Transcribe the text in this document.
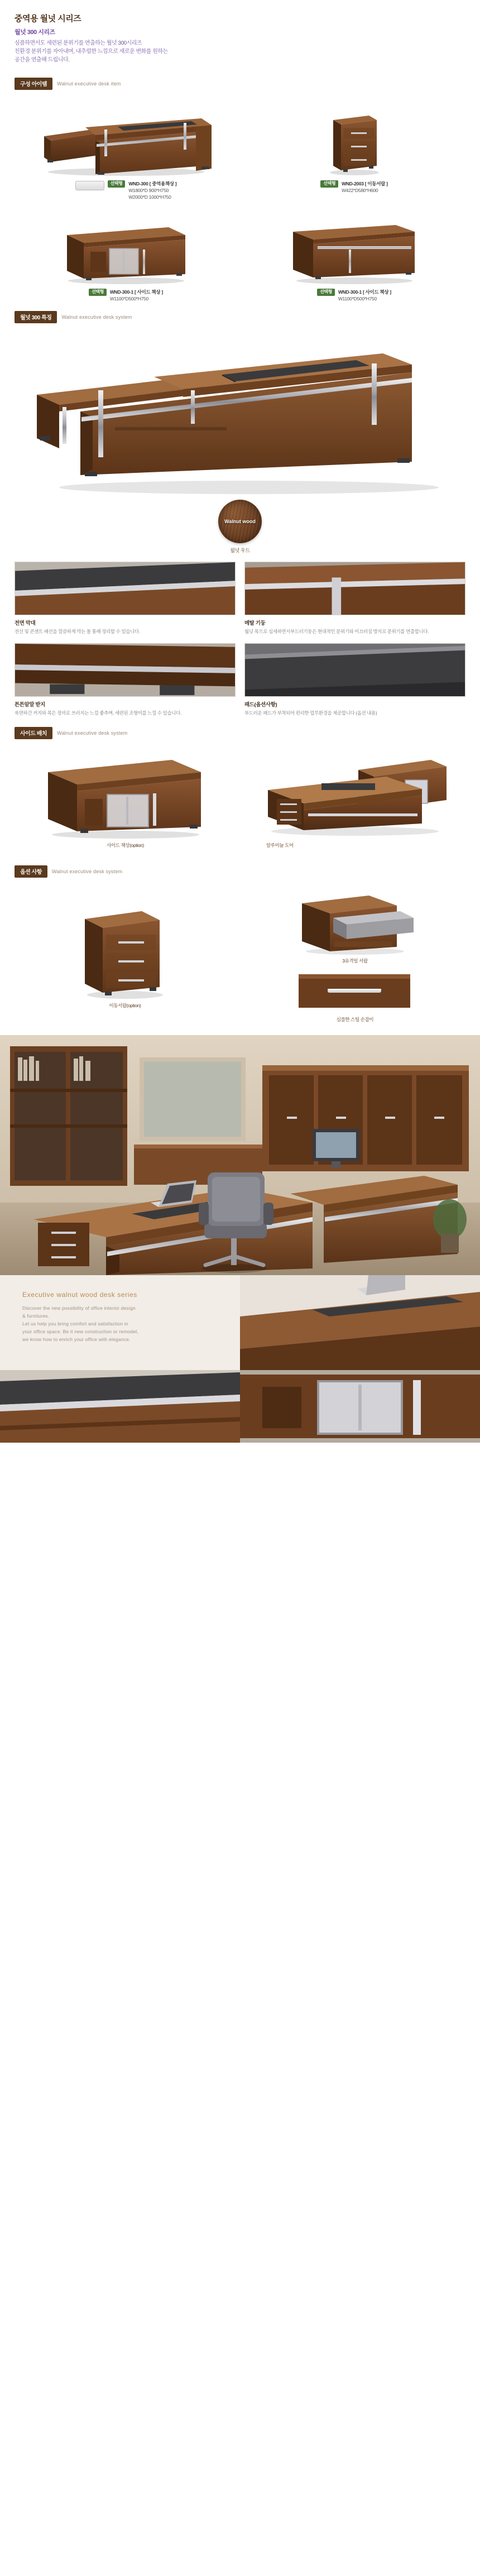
중역용 월넛 시리즈
월넛 300 시리즈
심플하면서도 세련된 분위기를 연출하는 월넛 300시리즈
친환경 분위기를 자아내며, 내추럴한 느낌으로 새로운 변화를 원하는
공간을 연출해 드립니다.
구성 아이템	Walnut executive desk item
선택형	WND-300 [ 중역용책상 ]
W1800*D 900*H750
W2000*D 1000*H750
선택형	WND-2003 [ 이동서랍 ]
W422*D580*H600
선택형	WND-300-1 [ 사이드 책상 ]
W1100*D500*H750
선택형	WND-300-1 [ 사이드 책상 ]
W1100*D500*H750
월넛 300 특징	Walnut executive desk system
Walnut wood
월넛 우드
전면 막대
전선 및 콘센트 배선을 깔끔하게 막는 몰 통해 정리할 수 있습니다.
메탈 기둥
월넛 목으로 심세하면서부드러기둥은 현대적인 분위기와 미끄러짐 방지로 분위기를 연출합니다.
튼튼알말 받지
육면하간 커지와 목은 정비로 쓰러지는 느낌 좋추며, 세련된 조형미를 느낄 수 있습니다.
패드(옵션사항)
부드러운 패드가 부착되어 편리한 업무환경을 제공합니다 (옵션 내용)
사이드 배치	Walnut executive desk system
사이드 책상(option)	알루미늄 도어
옵션 사항	Walnut executive desk system
이동서랍(option)
3유격일 서랍
심플한 스틸 손잡이
Executive walnut wood desk series
Discover the new possibility of office interior design
& furnitures.
Let us help you bring comfort and satisfaction in
your office space. Be it new construction or remodel,
we know how to enrich your office with elegance.
